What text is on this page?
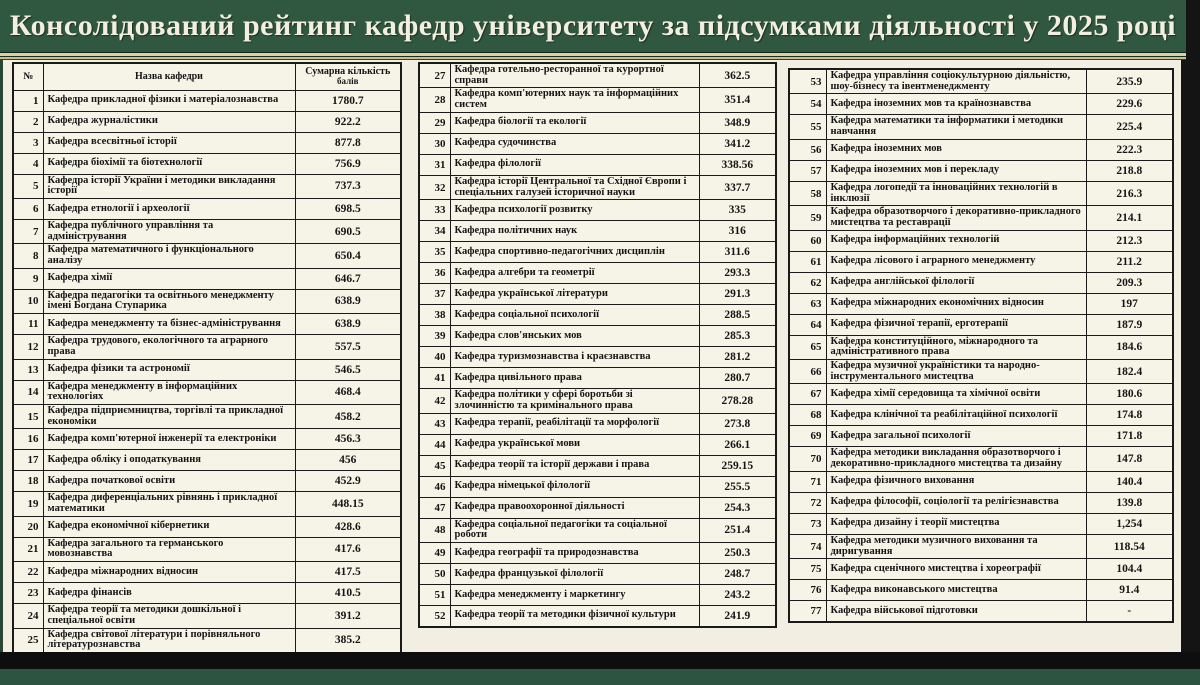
Консолідований рейтинг кафедр університету за підсумками діяльності у 2025 році
№	Назва кафедри	Сумарна кількість
балів

1	Кафедра прикладної фізики і матеріалознавства	1780.7
2	Кафедра журналістики	922.2
3	Кафедра всесвітньої історії	877.8
4	Кафедра біохімії та біотехнології	756.9
5	Кафедра історії України і методики викладання історії	737.3
6	Кафедра етнології і археології	698.5
7	Кафедра публічного управління та адміністрування	690.5
8	Кафедра математичного і функціонального аналізу	650.4
9	Кафедра хімії	646.7
10	Кафедра педагогіки та освітнього менеджменту імені Богдана Ступарика	638.9
11	Кафедра менеджменту та бізнес-адміністрування	638.9
12	Кафедра трудового, екологічного та аграрного права	557.5
13	Кафедра фізики та астрономії	546.5
14	Кафедра менеджменту в інформаційних технологіях	468.4
15	Кафедра підприємництва, торгівлі та прикладної економіки	458.2
16	Кафедра комп'ютерної інженерії та електроніки	456.3
17	Кафедра обліку і оподаткування	456
18	Кафедра початкової освіти	452.9
19	Кафедра диференціальних рівнянь і прикладної математики	448.15
20	Кафедра економічної кібернетики	428.6
21	Кафедра загального та германського мовознавства	417.6
22	Кафедра міжнародних відносин	417.5
23	Кафедра фінансів	410.5
24	Кафедра теорії та методики дошкільної і спеціальної освіти	391.2
25	Кафедра світової літератури і порівняльного літературознавства	385.2

27	Кафедра готельно-ресторанної та курортної справи	362.5
28	Кафедра комп'ютерних наук та інформаційних систем	351.4
29	Кафедра біології та екології	348.9
30	Кафедра судочинства	341.2
31	Кафедра філології	338.56
32	Кафедра історії Центральної та Східної Європи і спеціальних галузей історичної науки	337.7
33	Кафедра психології розвитку	335
34	Кафедра політичних наук	316
35	Кафедра спортивно-педагогічних дисциплін	311.6
36	Кафедра алгебри та геометрії	293.3
37	Кафедра української літератури	291.3
38	Кафедра соціальної психології	288.5
39	Кафедра слов'янських мов	285.3
40	Кафедра туризмознавства і краєзнавства	281.2
41	Кафедра цивільного права	280.7
42	Кафедра політики у сфері боротьби зі злочинністю та кримінального права	278.28
43	Кафедра терапії, реабілітації та морфології	273.8
44	Кафедра української мови	266.1
45	Кафедра теорії та історії держави і права	259.15
46	Кафедра німецької філології	255.5
47	Кафедра правоохоронної діяльності	254.3
48	Кафедра соціальної педагогіки та соціальної роботи	251.4
49	Кафедра географії та природознавства	250.3
50	Кафедра французької філології	248.7
51	Кафедра менеджменту і маркетингу	243.2
52	Кафедра теорії та методики фізичної культури	241.9
53	Кафедра управління соціокультурною діяльністю, шоу-бізнесу та івентменеджменту	235.9
54	Кафедра іноземних мов та країнознавства	229.6
55	Кафедра математики та інформатики і методики навчання	225.4
56	Кафедра іноземних мов	222.3
57	Кафедра іноземних мов і перекладу	218.8
58	Кафедра логопедії та інноваційних технологій в інклюзії	216.3
59	Кафедра образотворчого і декоративно-прикладного мистецтва та реставрації	214.1
60	Кафедра інформаційних технологій	212.3
61	Кафедра лісового і аграрного менеджменту	211.2
62	Кафедра англійської філології	209.3
63	Кафедра міжнародних економічних відносин	197
64	Кафедра фізичної терапії, ерготерапії	187.9
65	Кафедра конституційного, міжнародного та адміністративного права	184.6
66	Кафедра музичної україністики та народно-інструментального мистецтва	182.4
67	Кафедра хімії середовища та хімічної освіти	180.6
68	Кафедра клінічної та реабілітаційної психології	174.8
69	Кафедра загальної психології	171.8
70	Кафедра методики викладання образотворчого і декоративно-прикладного мистецтва та дизайну	147.8
71	Кафедра фізичного виховання	140.4
72	Кафедра філософії, соціології та релігієзнавства	139.8
73	Кафедра дизайну і теорії мистецтва	1,254
74	Кафедра методики музичного виховання та диригування	118.54
75	Кафедра сценічного мистецтва і хореографії	104.4
76	Кафедра виконавського мистецтва	91.4
77	Кафедра військової підготовки	-
